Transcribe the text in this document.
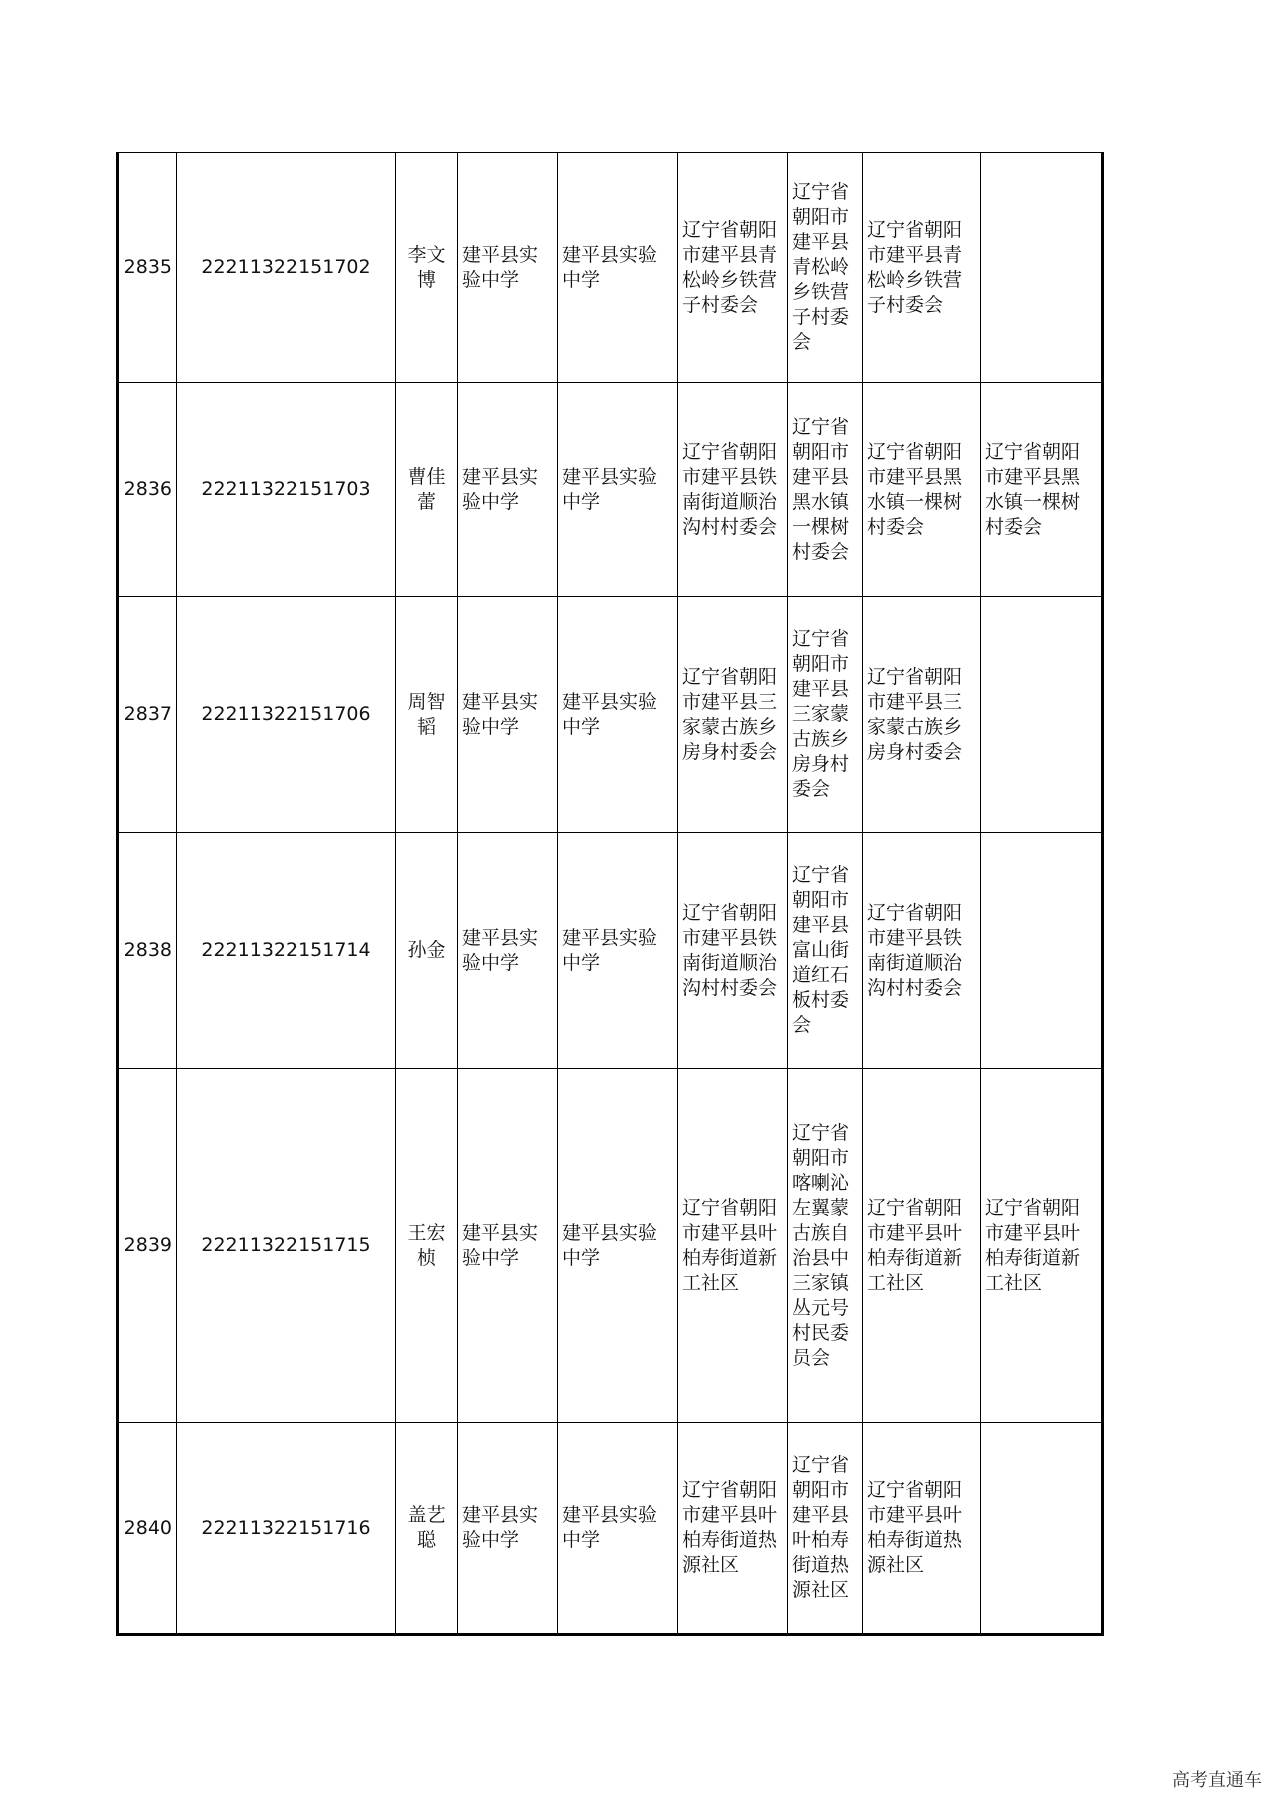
2835	22211322151702	李文博	建平县实验中学	建平县实验中学	辽宁省朝阳市建平县青松岭乡铁营子村委会	辽宁省朝阳市建平县青松岭乡铁营子村委会	辽宁省朝阳市建平县青松岭乡铁营子村委会	
2836	22211322151703	曹佳蕾	建平县实验中学	建平县实验中学	辽宁省朝阳市建平县铁南街道顺治沟村村委会	辽宁省朝阳市建平县黑水镇一棵树村委会	辽宁省朝阳市建平县黑水镇一棵树村委会	辽宁省朝阳市建平县黑水镇一棵树村委会
2837	22211322151706	周智韬	建平县实验中学	建平县实验中学	辽宁省朝阳市建平县三家蒙古族乡房身村委会	辽宁省朝阳市建平县三家蒙古族乡房身村委会	辽宁省朝阳市建平县三家蒙古族乡房身村委会	
2838	22211322151714	孙金	建平县实验中学	建平县实验中学	辽宁省朝阳市建平县铁南街道顺治沟村村委会	辽宁省朝阳市建平县富山街道红石板村委会	辽宁省朝阳市建平县铁南街道顺治沟村村委会	
2839	22211322151715	王宏桢	建平县实验中学	建平县实验中学	辽宁省朝阳市建平县叶柏寿街道新工社区	辽宁省朝阳市喀喇沁左翼蒙古族自治县中三家镇丛元号村民委员会	辽宁省朝阳市建平县叶柏寿街道新工社区	辽宁省朝阳市建平县叶柏寿街道新工社区
2840	22211322151716	盖艺聪	建平县实验中学	建平县实验中学	辽宁省朝阳市建平县叶柏寿街道热源社区	辽宁省朝阳市建平县叶柏寿街道热源社区	辽宁省朝阳市建平县叶柏寿街道热源社区	
高考直通车
